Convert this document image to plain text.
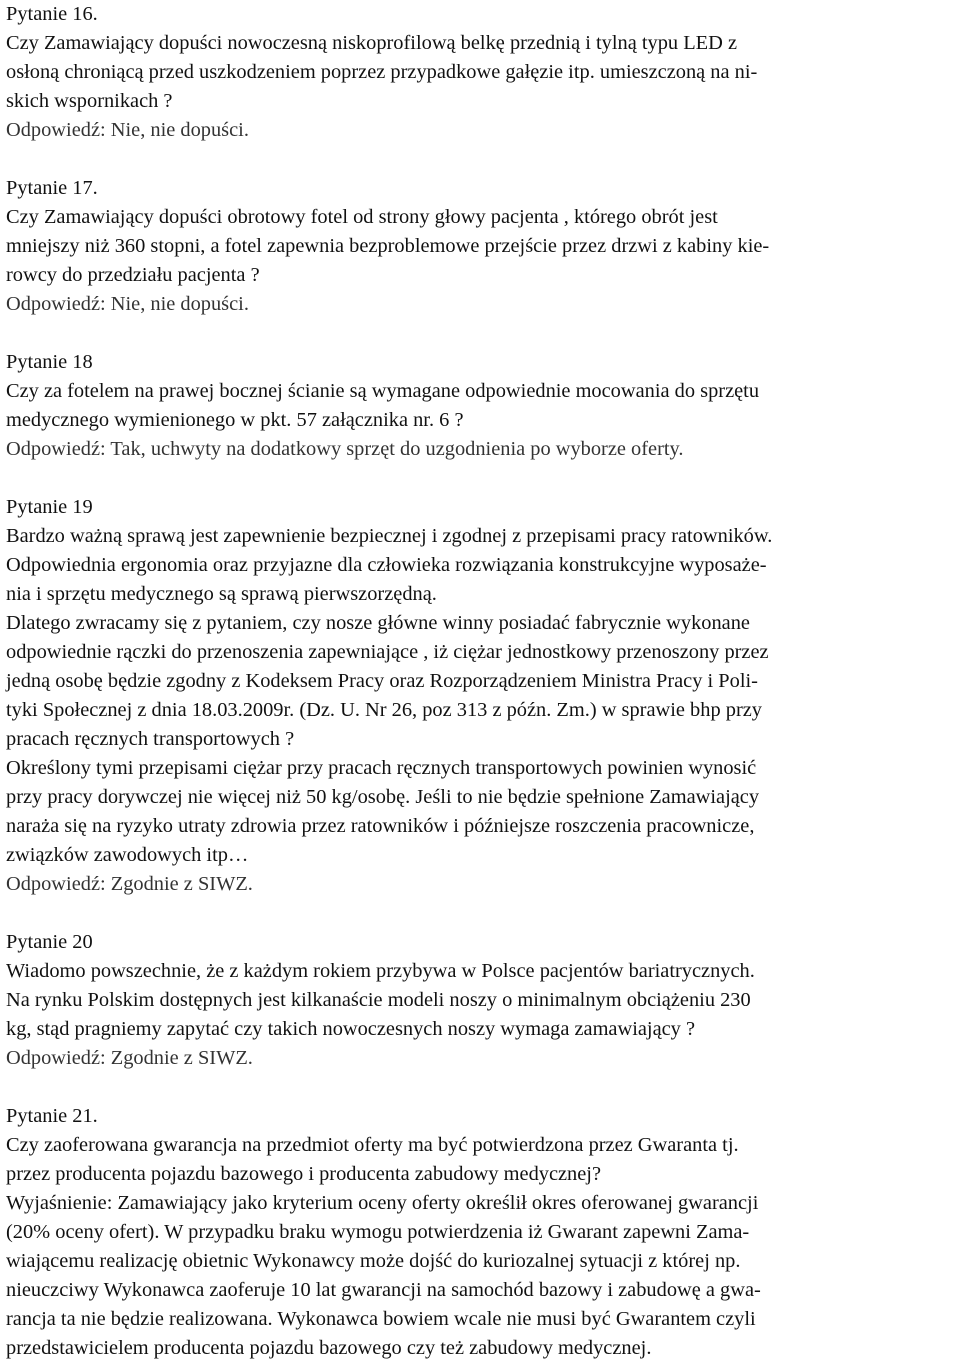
Pytanie 16.
Czy Zamawiający dopuści nowoczesną niskoprofilową belkę przednią i tylną typu LED z
osłoną chroniącą przed uszkodzeniem poprzez przypadkowe gałęzie itp. umieszczoną na ni-
skich wspornikach ?
Odpowiedź: Nie, nie dopuści.
Pytanie 17.
Czy Zamawiający dopuści obrotowy fotel od strony głowy pacjenta , którego obrót jest
mniejszy niż 360 stopni, a fotel zapewnia bezproblemowe przejście przez drzwi z kabiny kie-
rowcy do przedziału pacjenta ?
Odpowiedź: Nie, nie dopuści.
Pytanie 18
Czy za fotelem na prawej bocznej ścianie są wymagane odpowiednie mocowania do sprzętu
medycznego wymienionego w pkt. 57 załącznika nr. 6 ?
Odpowiedź: Tak, uchwyty na dodatkowy sprzęt do uzgodnienia po wyborze oferty.
Pytanie 19
Bardzo ważną sprawą jest zapewnienie bezpiecznej i zgodnej z przepisami pracy ratowników.
Odpowiednia ergonomia oraz przyjazne dla człowieka rozwiązania konstrukcyjne wyposaże-
nia i sprzętu medycznego są sprawą pierwszorzędną.
Dlatego zwracamy się z pytaniem, czy nosze główne winny posiadać fabrycznie wykonane
odpowiednie rączki do przenoszenia zapewniające , iż ciężar jednostkowy przenoszony przez
jedną osobę będzie zgodny z Kodeksem Pracy oraz Rozporządzeniem Ministra Pracy i Poli-
tyki Społecznej z dnia 18.03.2009r. (Dz. U. Nr 26, poz 313 z późn. Zm.) w sprawie bhp przy
pracach ręcznych transportowych ?
Określony tymi przepisami ciężar przy pracach ręcznych transportowych powinien wynosić
przy pracy dorywczej nie więcej niż 50 kg/osobę. Jeśli to nie będzie spełnione Zamawiający
naraża się na ryzyko utraty zdrowia przez ratowników i późniejsze roszczenia pracownicze,
związków zawodowych itp…
Odpowiedź: Zgodnie z SIWZ.
Pytanie 20
Wiadomo powszechnie, że z każdym rokiem przybywa w Polsce pacjentów bariatrycznych.
Na rynku Polskim dostępnych jest kilkanaście modeli noszy o minimalnym obciążeniu 230
kg, stąd pragniemy zapytać czy takich nowoczesnych noszy wymaga zamawiający ?
Odpowiedź: Zgodnie z SIWZ.
Pytanie 21.
Czy zaoferowana gwarancja na przedmiot oferty ma być potwierdzona przez Gwaranta tj.
przez producenta pojazdu bazowego i producenta zabudowy medycznej?
Wyjaśnienie: Zamawiający jako kryterium oceny oferty określił okres oferowanej gwarancji
(20% oceny ofert). W przypadku braku wymogu potwierdzenia iż Gwarant zapewni Zama-
wiającemu realizację obietnic Wykonawcy może dojść do kuriozalnej sytuacji z której np.
nieuczciwy Wykonawca zaoferuje 10 lat gwarancji na samochód bazowy i zabudowę a gwa-
rancja ta nie będzie realizowana. Wykonawca bowiem wcale nie musi być Gwarantem czyli
przedstawicielem producenta pojazdu bazowego czy też zabudowy medycznej.
